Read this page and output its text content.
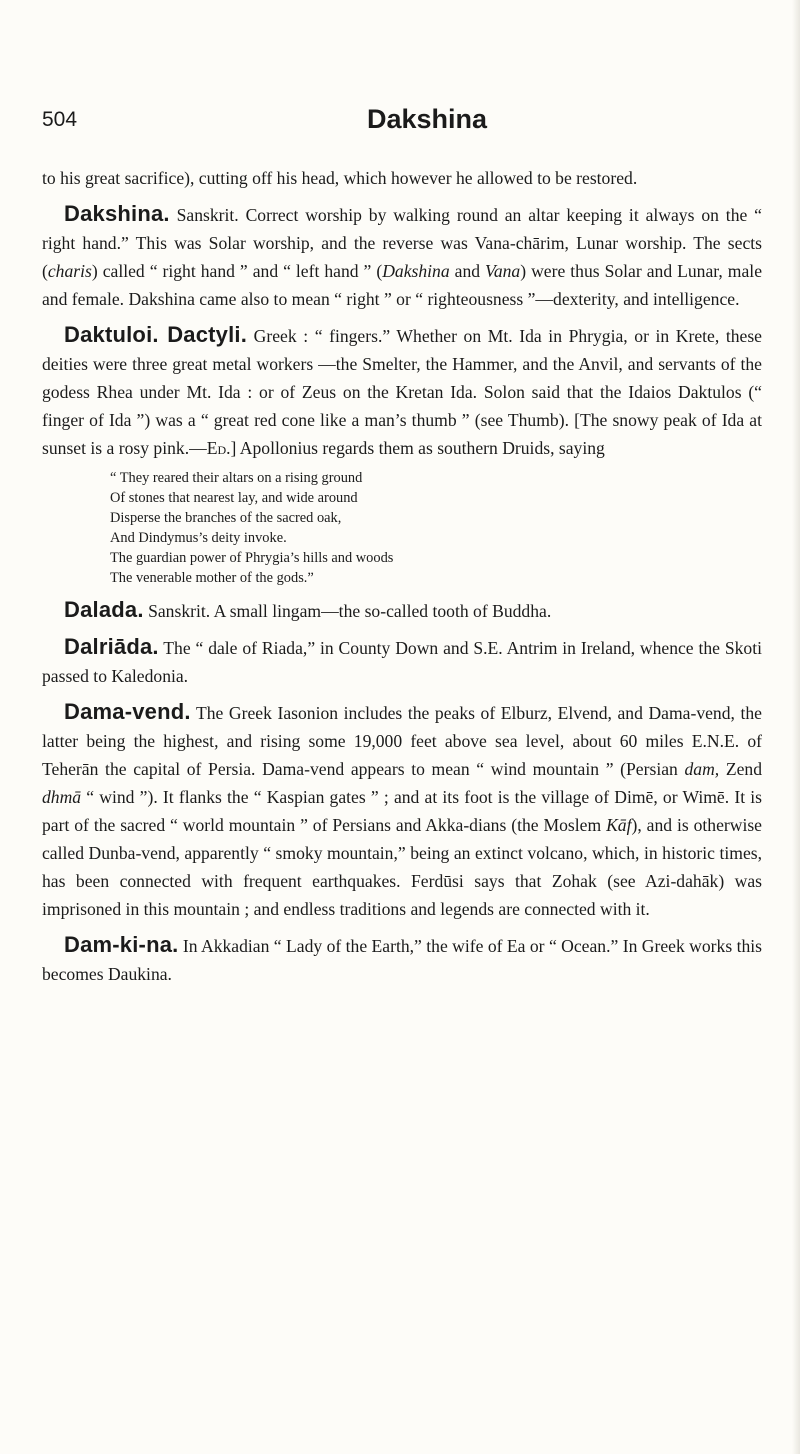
504	Dakshina

to his great sacrifice), cutting off his head, which however he allowed to be restored.

Dakshina. Sanskrit. Correct worship by walking round an altar keeping it always on the “ right hand.” This was Solar worship, and the reverse was Vana-chārim, Lunar worship. The sects (charis) called “ right hand ” and “ left hand ” (Dakshina and Vana) were thus Solar and Lunar, male and female. Dakshina came also to mean “ right ” or “ righteousness ”—dexterity, and intelligence.

Daktuloi. Dactyli. Greek : “ fingers.” Whether on Mt. Ida in Phrygia, or in Krete, these deities were three great metal workers —the Smelter, the Hammer, and the Anvil, and servants of the godess Rhea under Mt. Ida : or of Zeus on the Kretan Ida. Solon said that the Idaios Daktulos (“ finger of Ida ”) was a “ great red cone like a man’s thumb ” (see Thumb). [The snowy peak of Ida at sunset is a rosy pink.—Ed.] Apollonius regards them as southern Druids, saying

“ They reared their altars on a rising ground
Of stones that nearest lay, and wide around
Disperse the branches of the sacred oak,
And Dindymus’s deity invoke.
The guardian power of Phrygia’s hills and woods
The venerable mother of the gods.”

Dalada. Sanskrit. A small lingam—the so-called tooth of Buddha.

Dalriāda. The “ dale of Riada,” in County Down and S.E. Antrim in Ireland, whence the Skoti passed to Kaledonia.

Dama-vend. The Greek Iasonion includes the peaks of Elburz, Elvend, and Dama-vend, the latter being the highest, and rising some 19,000 feet above sea level, about 60 miles E.N.E. of Teherān the capital of Persia. Dama-vend appears to mean “ wind mountain ” (Persian dam, Zend dhmā “ wind ”). It flanks the “ Kaspian gates ” ; and at its foot is the village of Dimē, or Wimē. It is part of the sacred “ world mountain ” of Persians and Akka-dians (the Moslem Kāf), and is otherwise called Dunba-vend, apparently “ smoky mountain,” being an extinct volcano, which, in historic times, has been connected with frequent earthquakes. Ferdūsi says that Zohak (see Azi-dahāk) was imprisoned in this mountain ; and endless traditions and legends are connected with it.

Dam-ki-na. In Akkadian “ Lady of the Earth,” the wife of Ea or “ Ocean.” In Greek works this becomes Daukina.
